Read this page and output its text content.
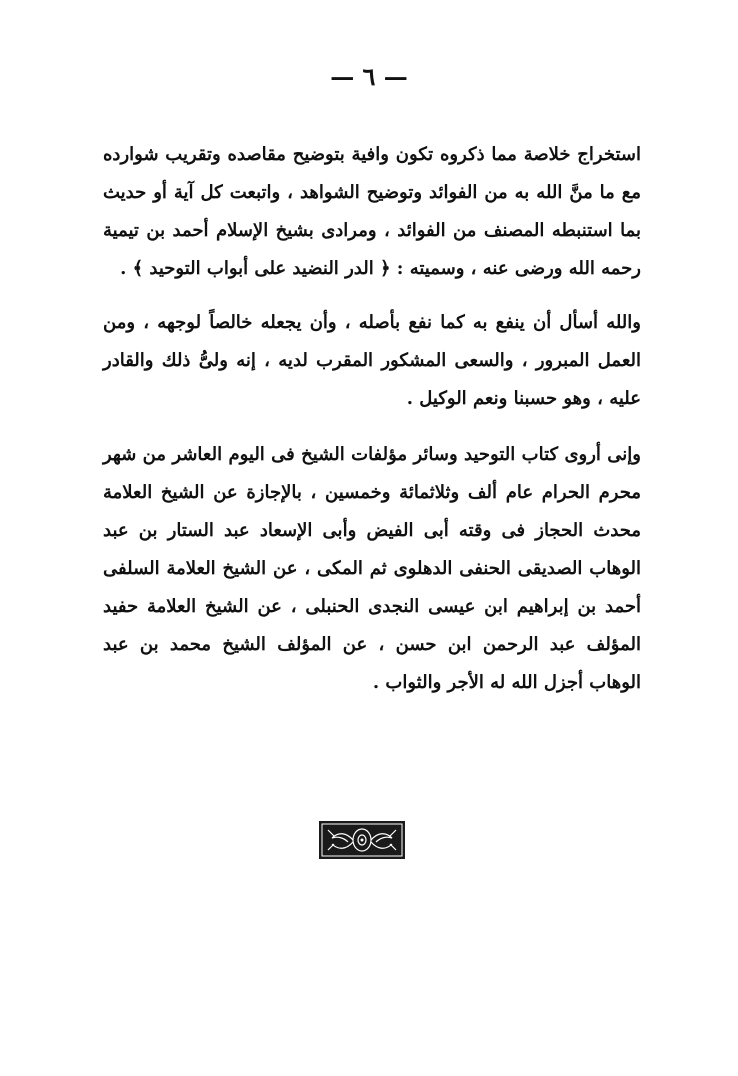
— ٦ —

استخراج خلاصة مما ذكروه تكون وافية بتوضيح مقاصده وتقريب شوارده مع ما منَّ الله به من الفوائد وتوضيح الشواهد ، واتبعت كل آية أو حديث بما استنبطه المصنف من الفوائد ، ومرادى بشيخ الإسلام أحمد بن تيمية رحمه الله ورضى عنه ، وسميته : ﴿ الدر النضيد على أبواب التوحيد ﴾ .

والله أسأل أن ينفع به كما نفع بأصله ، وأن يجعله خالصاً لوجهه ، ومن العمل المبرور ، والسعى المشكور المقرب لديه ، إنه ولىُّ ذلك والقادر عليه ، وهو حسبنا ونعم الوكيل .

وإنى أروى كتاب التوحيد وسائر مؤلفات الشيخ فى اليوم العاشر من شهر محرم الحرام عام ألف وثلاثمائة وخمسين ، بالإجازة عن الشيخ العلامة محدث الحجاز فى وقته أبى الفيض وأبى الإسعاد عبد الستار بن عبد الوهاب الصديقى الحنفى الدهلوى ثم المكى ، عن الشيخ العلامة السلفى أحمد بن إبراهيم ابن عيسى النجدى الحنبلى ، عن الشيخ العلامة حفيد المؤلف عبد الرحمن ابن حسن ، عن المؤلف الشيخ محمد بن عبد الوهاب أجزل الله له الأجر والثواب .
